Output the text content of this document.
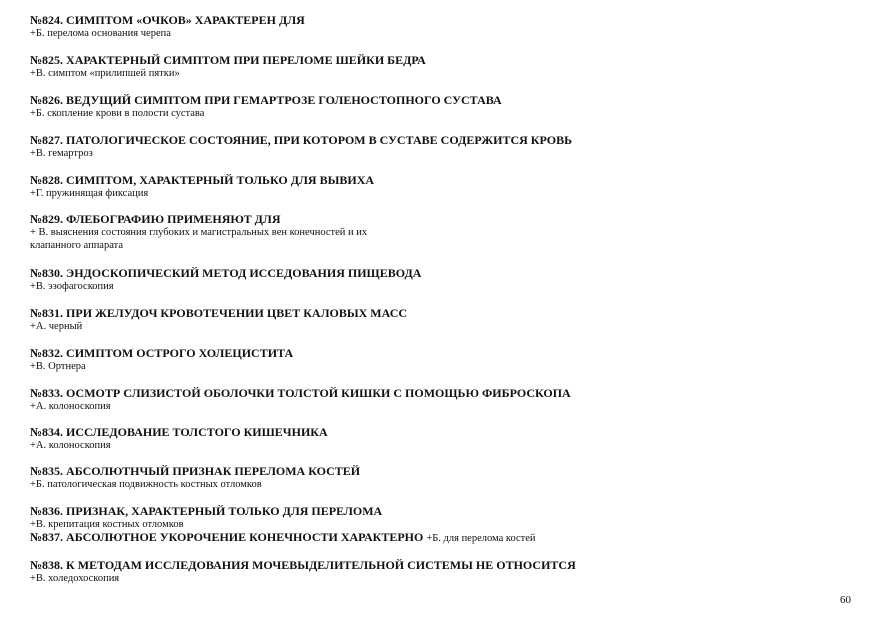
№824. СИМПТОМ «ОЧКОВ» ХАРАКТЕРЕН ДЛЯ
+Б. перелома основания черепа
№825. ХАРАКТЕРНЫЙ СИМПТОМ ПРИ ПЕРЕЛОМЕ ШЕЙКИ БЕДРА
+В. симптом «прилипшей пятки»
№826. ВЕДУЩИЙ СИМПТОМ ПРИ ГЕМАРТРОЗЕ ГОЛЕНОСТОПНОГО СУСТАВА
+Б. скопление крови в полости сустава
№827. ПАТОЛОГИЧЕСКОЕ СОСТОЯНИЕ, ПРИ КОТОРОМ В СУСТАВЕ СОДЕРЖИТСЯ КРОВЬ
+В. гемартроз
№828. СИМПТОМ, ХАРАКТЕРНЫЙ ТОЛЬКО ДЛЯ ВЫВИХА
+Г. пружинящая фиксация
№829. ФЛЕБОГРАФИЮ ПРИМЕНЯЮТ ДЛЯ
+ В. выяснения состояния глубоких и магистральных вен конечностей и их
клапанного аппарата
№830. ЭНДОСКОПИЧЕСКИЙ МЕТОД ИССЕДОВАНИЯ ПИЩЕВОДА
+В. эзофагоскопия
№831. ПРИ ЖЕЛУДОЧ КРОВОТЕЧЕНИИ ЦВЕТ КАЛОВЫХ МАСС
+А. черный
№832. СИМПТОМ ОСТРОГО ХОЛЕЦИСТИТА
+В. Ортнера
№833. ОСМОТР СЛИЗИСТОЙ ОБОЛОЧКИ ТОЛСТОЙ КИШКИ С ПОМОЩЬЮ ФИБРОСКОПА
+А. колоноскопия
№834. ИССЛЕДОВАНИЕ ТОЛСТОГО КИШЕЧНИКА
+А. колоноскопия
№835. АБСОЛЮТНЧЫЙ ПРИЗНАК ПЕРЕЛОМА КОСТЕЙ
+Б. патологическая подвижность костных отломков
№836. ПРИЗНАК, ХАРАКТЕРНЫЙ ТОЛЬКО ДЛЯ ПЕРЕЛОМА
+В. крепитация костных отломков
№837. АБСОЛЮТНОЕ УКОРОЧЕНИЕ КОНЕЧНОСТИ ХАРАКТЕРНО +Б. для перелома костей
№838. К МЕТОДАМ ИССЛЕДОВАНИЯ МОЧЕВЫДЕЛИТЕЛЬНОЙ СИСТЕМЫ НЕ ОТНОСИТСЯ
+В. холедохоскопия
60
